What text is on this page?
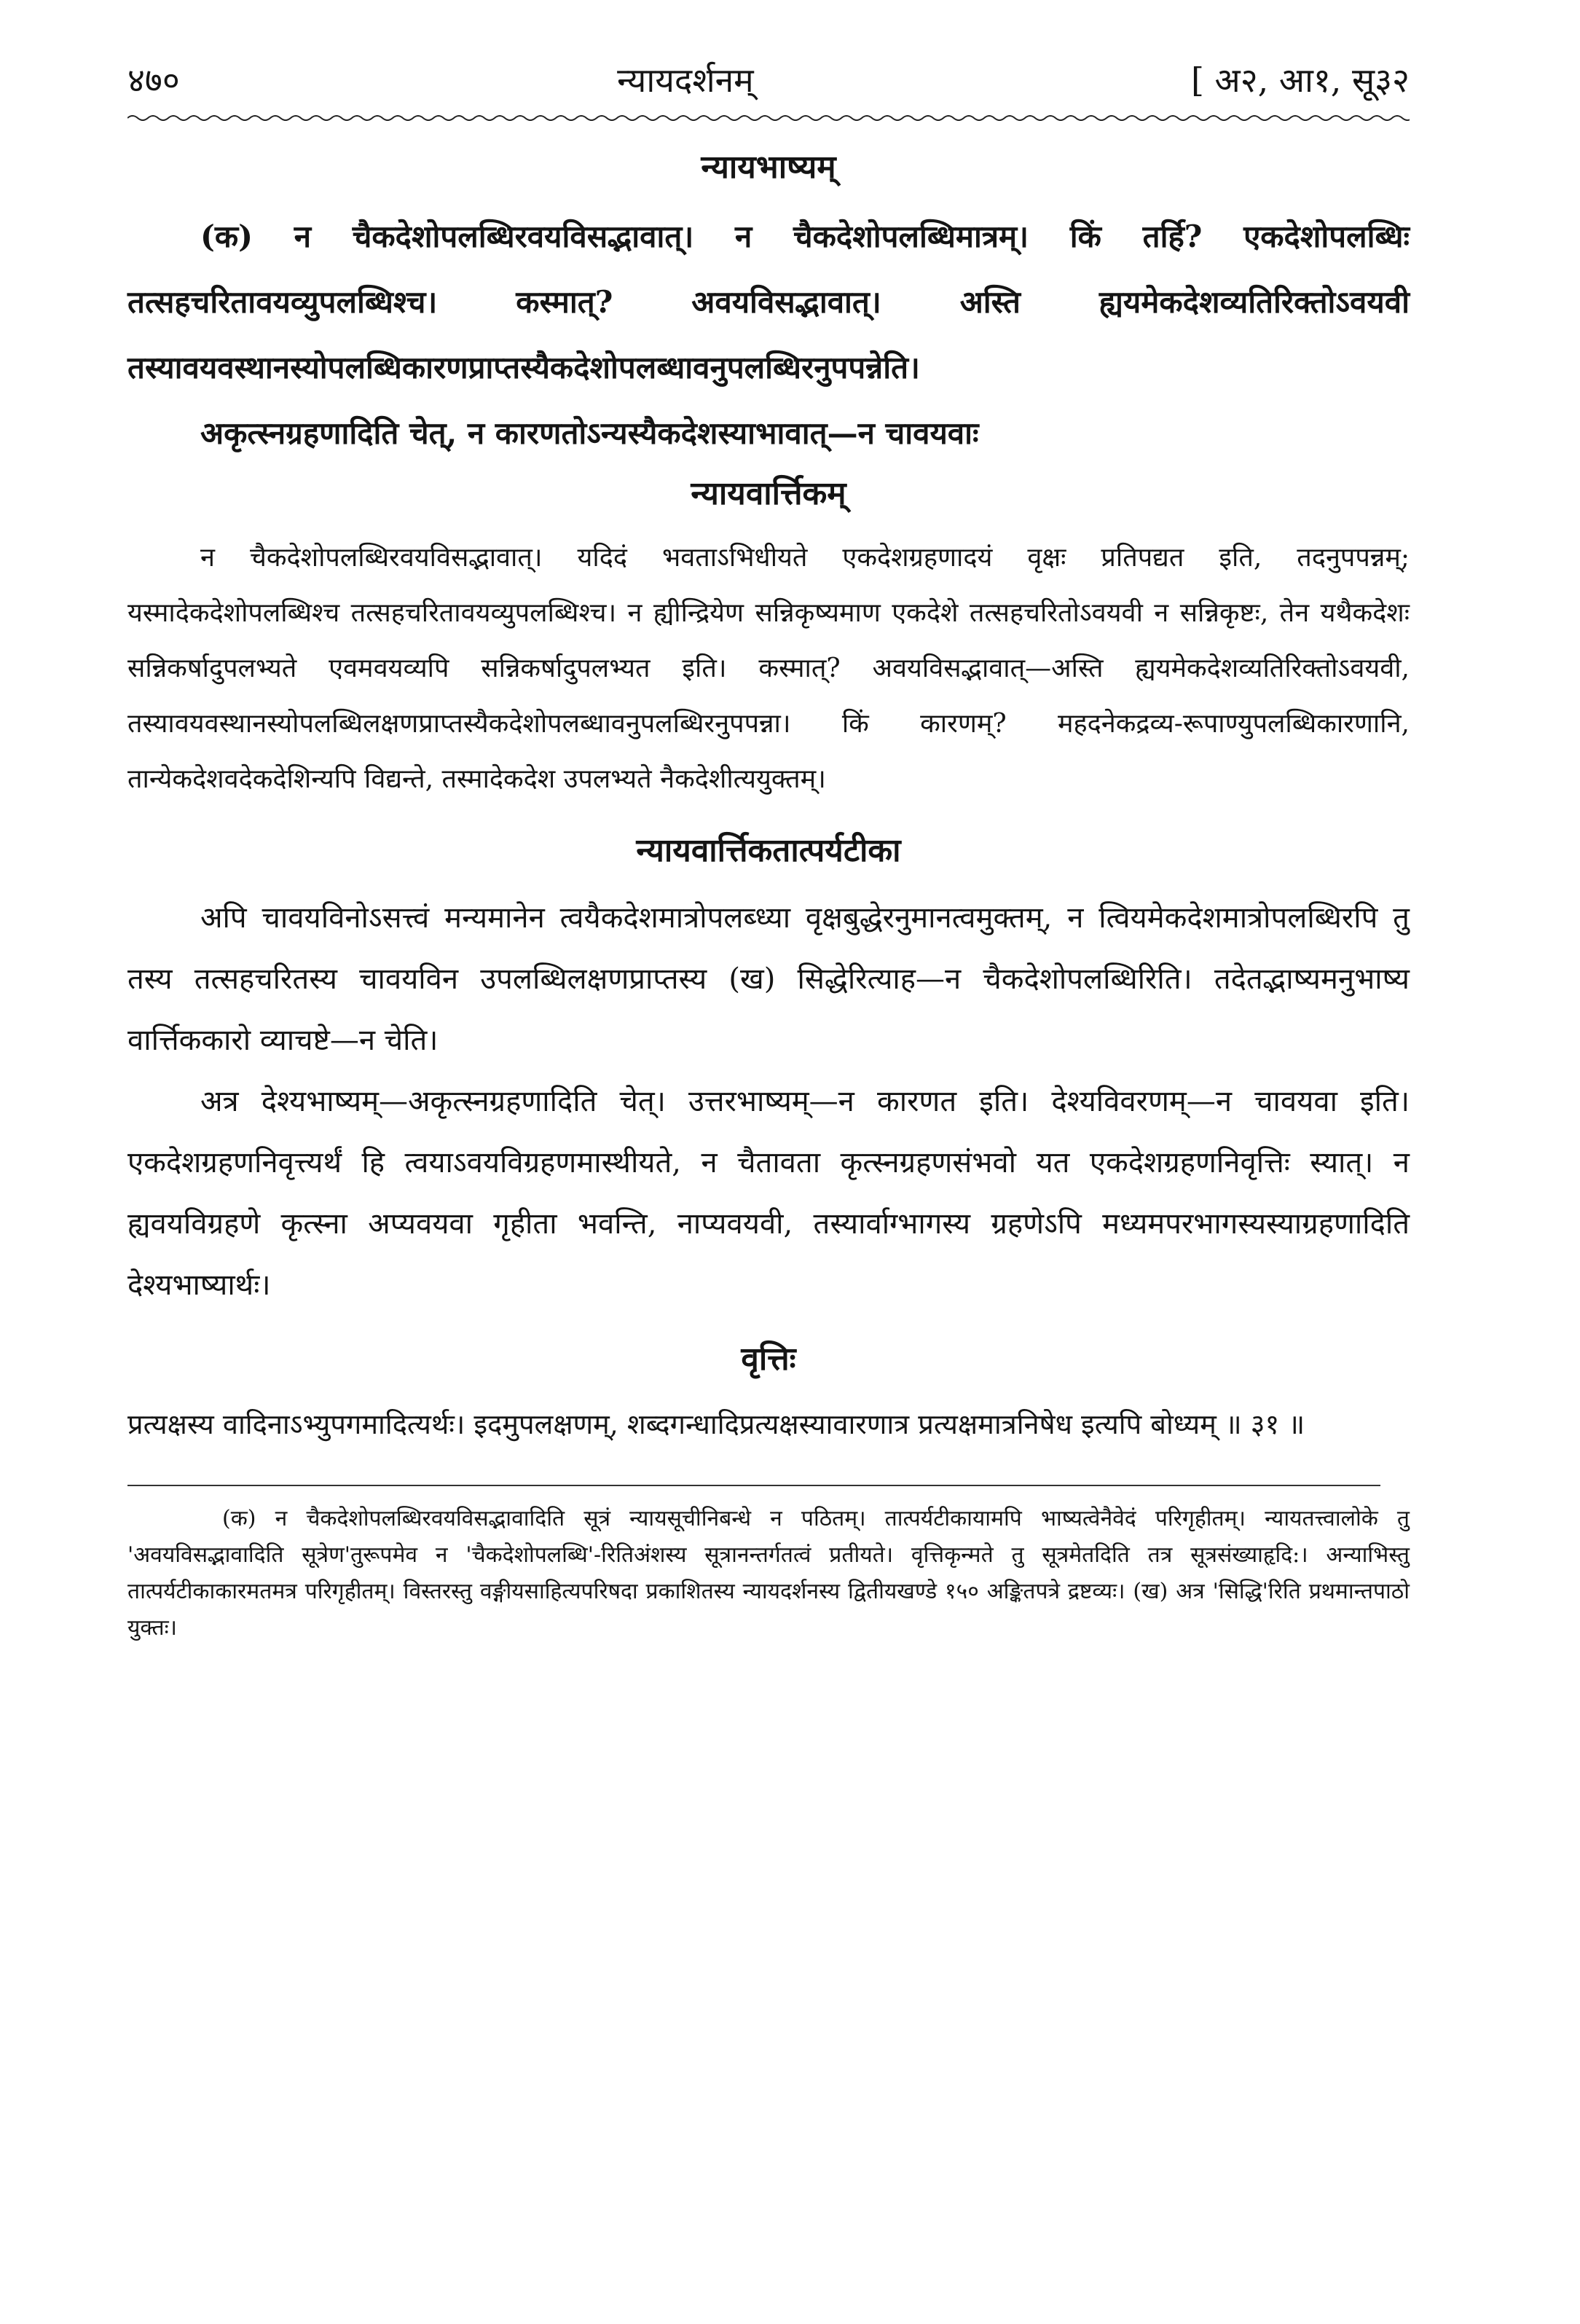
४७०	न्यायदर्शनम्	[ अ२, आ१, सू३२
न्यायभाष्यम्

(क) न चैकदेशोपलब्धिरवयविसद्भावात्। न चैकदेशोपलब्धिमात्रम्। किं तर्हि? एकदेशोपलब्धिः तत्सहचरितावयव्युपलब्धिश्च। कस्मात्? अवयविसद्भावात्। अस्ति ह्ययमेकदेशव्यतिरिक्तोऽवयवी तस्यावयवस्थानस्योपलब्धिकारणप्राप्तस्यैकदेशोपलब्धावनुपलब्धिरनुपपन्नेति।

अकृत्स्नग्रहणादिति चेत्, न कारणतोऽन्यस्यैकदेशस्याभावात्—न चावयवाः

न्यायवार्त्तिकम्

न चैकदेशोपलब्धिरवयविसद्भावात्। यदिदं भवताऽभिधीयते एकदेशग्रहणादयं वृक्षः प्रतिपद्यत इति, तदनुपपन्नम्; यस्मादेकदेशोपलब्धिश्च तत्सहचरितावयव्युपलब्धिश्च। न ह्यीन्द्रियेण सन्निकृष्यमाण एकदेशे तत्सहचरितोऽवयवी न सन्निकृष्टः, तेन यथैकदेशः सन्निकर्षादुपलभ्यते एवमवयव्यपि सन्निकर्षादुपलभ्यत इति। कस्मात्? अवयविसद्भावात्—अस्ति ह्ययमेकदेशव्यतिरिक्तोऽवयवी, तस्यावयवस्थानस्योपलब्धिलक्षणप्राप्तस्यैकदेशोपलब्धावनुपलब्धिरनुपपन्ना। किं कारणम्? महदनेकद्रव्य-रूपाण्युपलब्धिकारणानि, तान्येकदेशवदेकदेशिन्यपि विद्यन्ते, तस्मादेकदेश उपलभ्यते नैकदेशीत्ययुक्तम्।

न्यायवार्त्तिकतात्पर्यटीका

अपि चावयविनोऽसत्त्वं मन्यमानेन त्वयैकदेशमात्रोपलब्ध्या वृक्षबुद्धेरनुमानत्वमुक्तम्, न त्वियमेकदेशमात्रोपलब्धिरपि तु तस्य तत्सहचरितस्य चावयविन उपलब्धिलक्षणप्राप्तस्य (ख) सिद्धेरित्याह—न चैकदेशोपलब्धिरिति। तदेतद्भाष्यमनुभाष्य वार्त्तिककारो व्याचष्टे—न चेति।

अत्र देश्यभाष्यम्—अकृत्स्नग्रहणादिति चेत्। उत्तरभाष्यम्—न कारणत इति। देश्यविवरणम्—न चावयवा इति। एकदेशग्रहणनिवृत्त्यर्थं हि त्वयाऽवयविग्रहणमास्थीयते, न चैतावता कृत्स्नग्रहणसंभवो यत एकदेशग्रहणनिवृत्तिः स्यात्। न ह्यवयविग्रहणे कृत्स्ना अप्यवयवा गृहीता भवन्ति, नाप्यवयवी, तस्यार्वाग्भागस्य ग्रहणेऽपि मध्यमपरभागस्यस्याग्रहणादिति देश्यभाष्यार्थः।

वृत्तिः

प्रत्यक्षस्य वादिनाऽभ्युपगमादित्यर्थः। इदमुपलक्षणम्, शब्दगन्धादिप्रत्यक्षस्यावारणात्र प्रत्यक्षमात्रनिषेध इत्यपि बोध्यम् ॥ ३१ ॥

(क) न चैकदेशोपलब्धिरवयविसद्भावादिति सूत्रं न्यायसूचीनिबन्धे न पठितम्। तात्पर्यटीकायामपि भाष्यत्वेनैवेदं परिगृहीतम्। न्यायतत्त्वालोके तु 'अवयविसद्भावादिति सूत्रेण'तुरूपमेव न 'चैकदेशोपलब्धि'-रितिअंशस्य सूत्रानन्तर्गतत्वं प्रतीयते। वृत्तिकृन्मते तु सूत्रमेतदिति तत्र सूत्रसंख्याहृदि:। अन्याभिस्तु तात्पर्यटीकाकारमतमत्र परिगृहीतम्। विस्तरस्तु वङ्गीयसाहित्यपरिषदा प्रकाशितस्य न्यायदर्शनस्य द्वितीयखण्डे १५० अङ्कितपत्रे द्रष्टव्यः। (ख) अत्र 'सिद्धि'रिति प्रथमान्तपाठो युक्तः।
